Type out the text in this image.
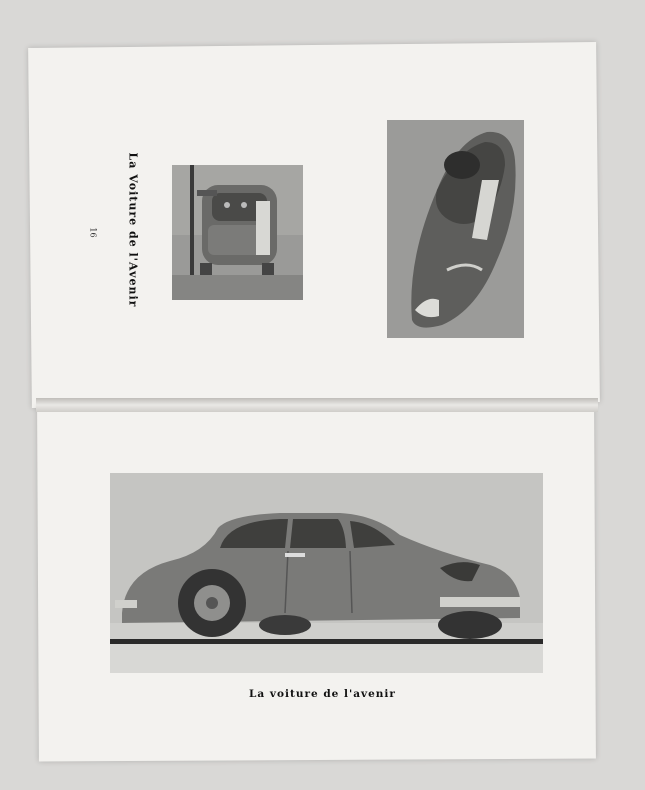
La Voiture de l'Avenir
16
La voiture de l'avenir
